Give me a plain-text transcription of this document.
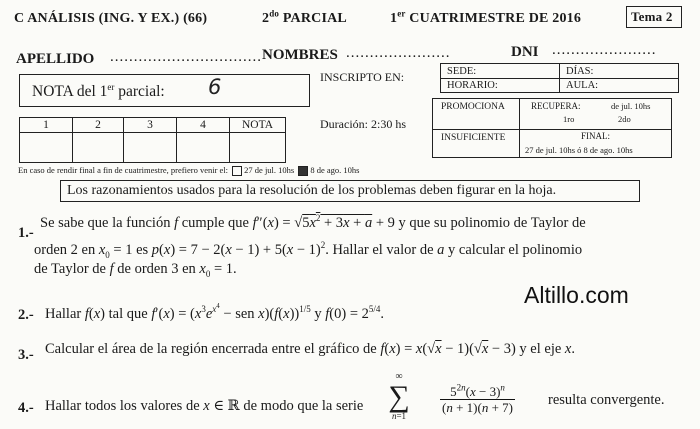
C ANÁLISIS (ING. Y EX.) (66)	$2^{do}$ PARCIAL	1er CUATRIMESTRE DE 2016	Tema 2
APELLIDO ................................ NOMBRES ......................	DNI ......................
NOTA del 1er parcial: 6	INSCRIPTO EN:	SEDE:	DÍAS:
HORARIO:	AULA:
PROMOCIONA	RECUPERA:	de jul. 10hs
1ro	2do
INSUFICIENTE	FINAL:
27 de jul. 10hs ó 8 de ago. 10hs
1	2	3	4	NOTA
					Duración: 2:30 hs
En caso de rendir final a fin de cuatrimestre, prefiero venir el: 27 de jul. 10hs 8 de ago. 10hs
Los razonamientos usados para la resolución de los problemas deben figurar en la hoja.
1.-
Se sabe que la función f cumple que $f''(x) = √5x^2 + 3x + a + 9$ y que su polinomio de Taylor de
orden 2 en $x_0 = 1$ es $p(x) = 7 - 2(x - 1) + 5(x - 1)^2$. Hallar el valor de a y calcular el polinomio
de Taylor de f de orden 3 en $x_0 = 1$.
Altillo.com
2.- Hallar f(x) tal que $f'(x) = (x^3e^{x^4}$ − sen $x)(f(x))^{1/5}$ y $f(0) = 2^{5/4}$.
3.- Calcular el área de la región encerrada entre el gráfico de f(x) = x(√x − 1)(√x − 3) y el eje x.
4.- Hallar todos los valores de x ∈ ℝ de modo que la serie
∞
∑
n=1
$\frac{5^{2n}(x - 3)^n}{(n + 1)(n + 7)}$ resulta convergente.
